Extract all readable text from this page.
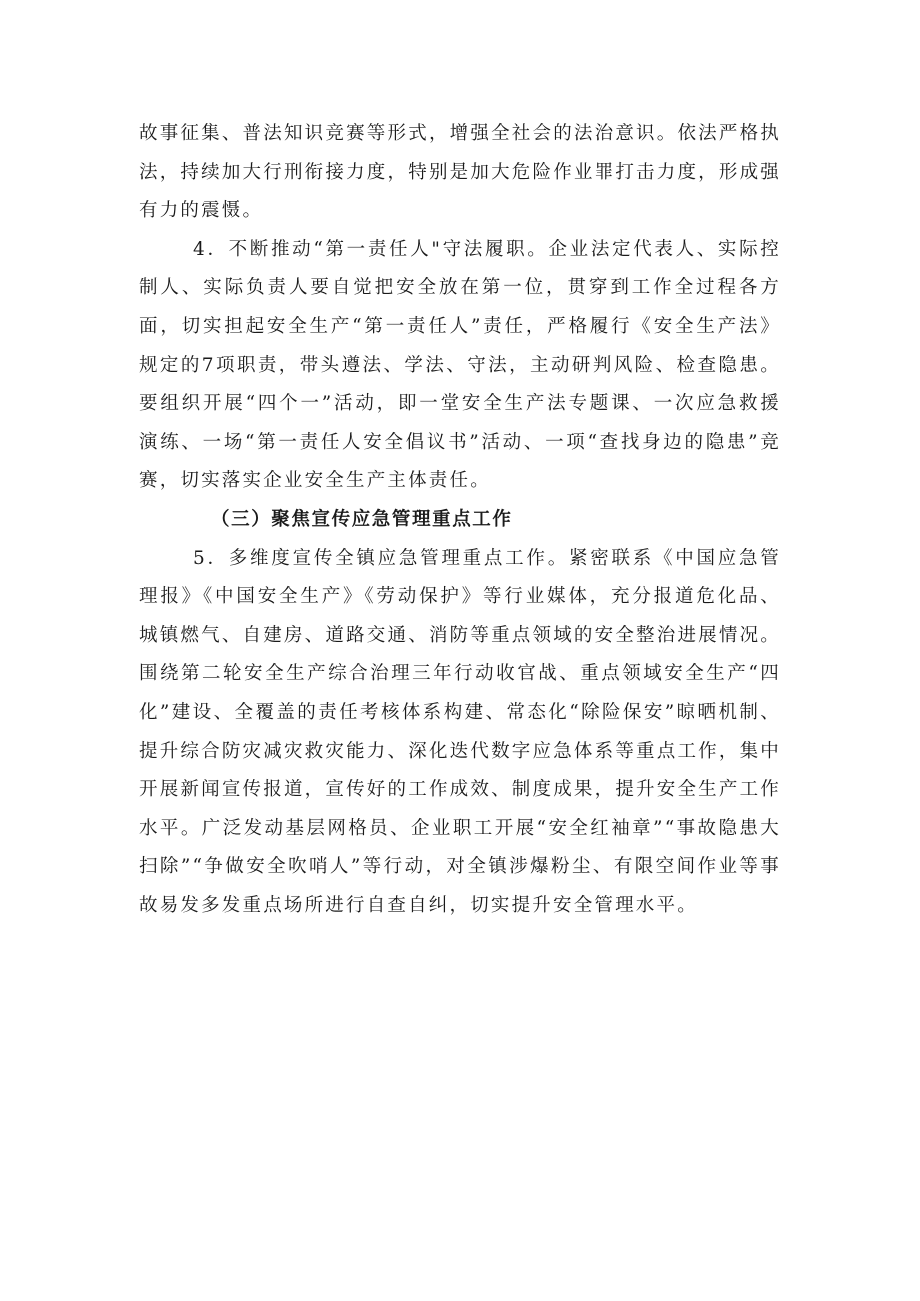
故事征集、普法知识竞赛等形式，增强全社会的法治意识。依法严格执法，持续加大行刑衔接力度，特别是加大危险作业罪打击力度，形成强有力的震慑。

4．不断推动“第一责任人"守法履职。企业法定代表人、实际控制人、实际负责人要自觉把安全放在第一位，贯穿到工作全过程各方面，切实担起安全生产“第一责任人”责任，严格履行《安全生产法》规定的7项职责，带头遵法、学法、守法，主动研判风险、检查隐患。要组织开展“四个一”活动，即一堂安全生产法专题课、一次应急救援演练、一场“第一责任人安全倡议书”活动、一项“查找身边的隐患”竞赛，切实落实企业安全生产主体责任。

（三）聚焦宣传应急管理重点工作

5．多维度宣传全镇应急管理重点工作。紧密联系《中国应急管理报》《中国安全生产》《劳动保护》等行业媒体，充分报道危化品、城镇燃气、自建房、道路交通、消防等重点领域的安全整治进展情况。围绕第二轮安全生产综合治理三年行动收官战、重点领域安全生产“四化”建设、全覆盖的责任考核体系构建、常态化“除险保安”晾晒机制、提升综合防灾减灾救灾能力、深化迭代数字应急体系等重点工作，集中开展新闻宣传报道，宣传好的工作成效、制度成果，提升安全生产工作水平。广泛发动基层网格员、企业职工开展“安全红袖章”“事故隐患大扫除”“争做安全吹哨人”等行动，对全镇涉爆粉尘、有限空间作业等事故易发多发重点场所进行自查自纠，切实提升安全管理水平。
